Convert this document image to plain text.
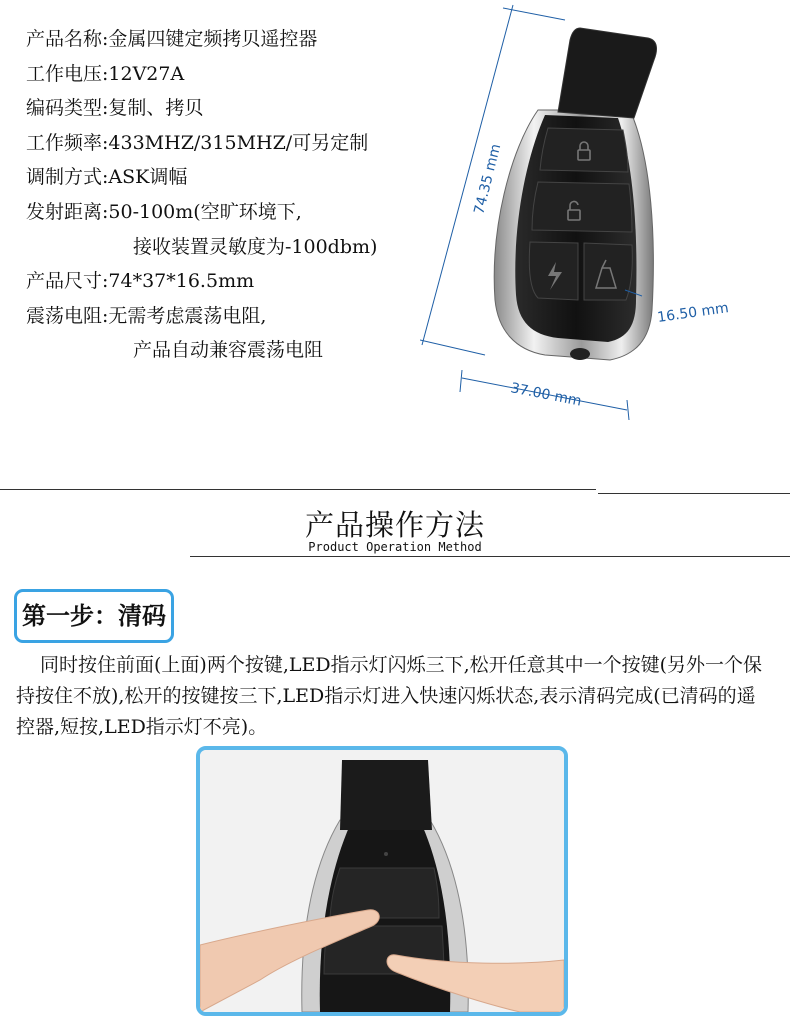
产品名称:金属四键定频拷贝遥控器
工作电压:12V27A
编码类型:复制、拷贝
工作频率:433MHZ/315MHZ/可另定制
调制方式:ASK调幅
发射距离:50-100m(空旷环境下,
接收装置灵敏度为-100dbm)
产品尺寸:74*37*16.5mm
震荡电阻:无需考虑震荡电阻,
产品自动兼容震荡电阻
74.35 mm
37.00 mm
16.50 mm
产品操作方法
Product Operation Method
第一步：清码
同时按住前面(上面)两个按键,LED指示灯闪烁三下,松开任意其中一个按键(另外一个保持按住不放),松开的按键按三下,LED指示灯进入快速闪烁状态,表示清码完成(已清码的遥控器,短按,LED指示灯不亮)。
